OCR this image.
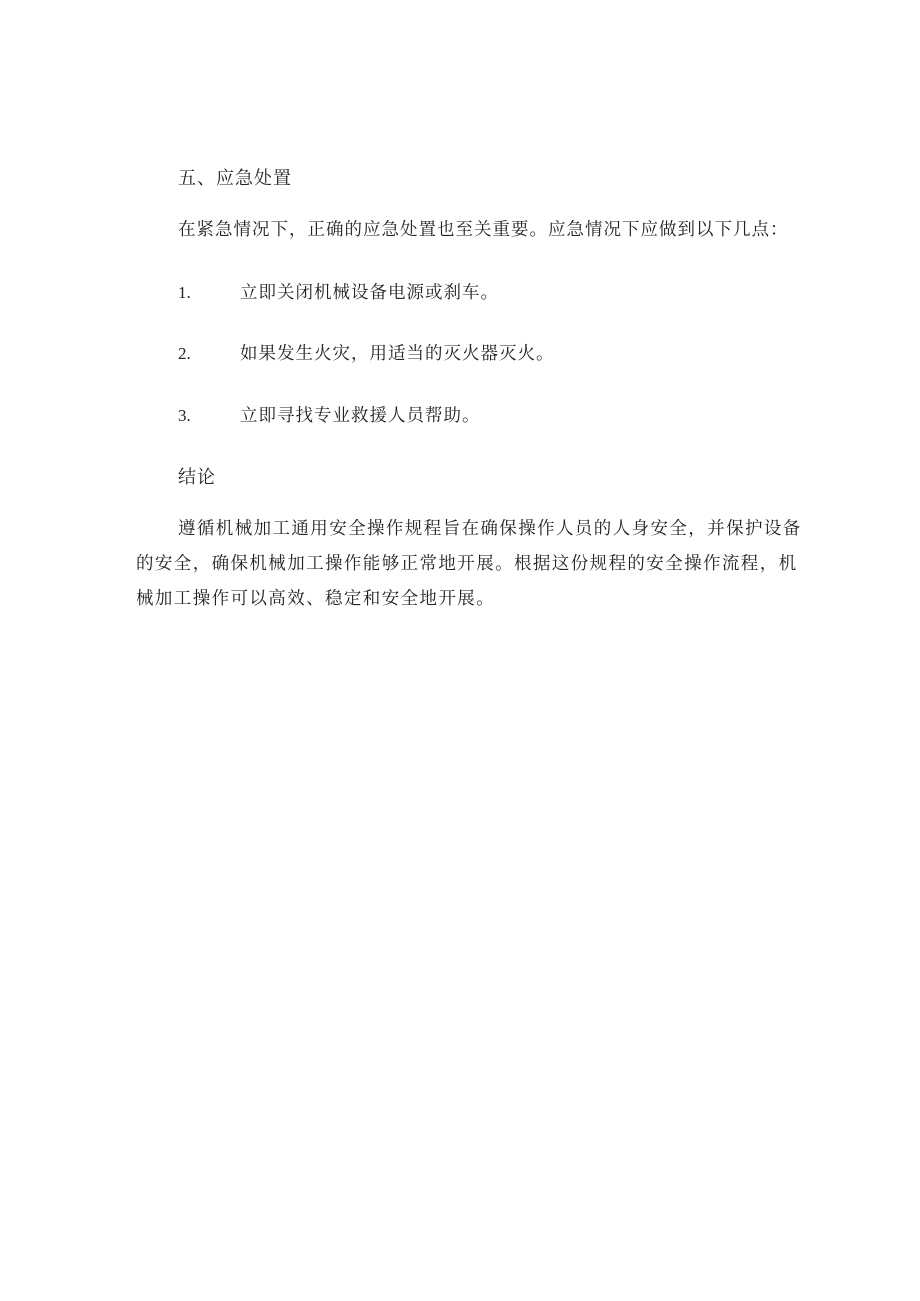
五、应急处置
在紧急情况下，正确的应急处置也至关重要。应急情况下应做到以下几点：
1.	立即关闭机械设备电源或刹车。
2.	如果发生火灾，用适当的灭火器灭火。
3.	立即寻找专业救援人员帮助。
结论
遵循机械加工通用安全操作规程旨在确保操作人员的人身安全，并保护设备
的安全，确保机械加工操作能够正常地开展。根据这份规程的安全操作流程，机
械加工操作可以高效、稳定和安全地开展。
